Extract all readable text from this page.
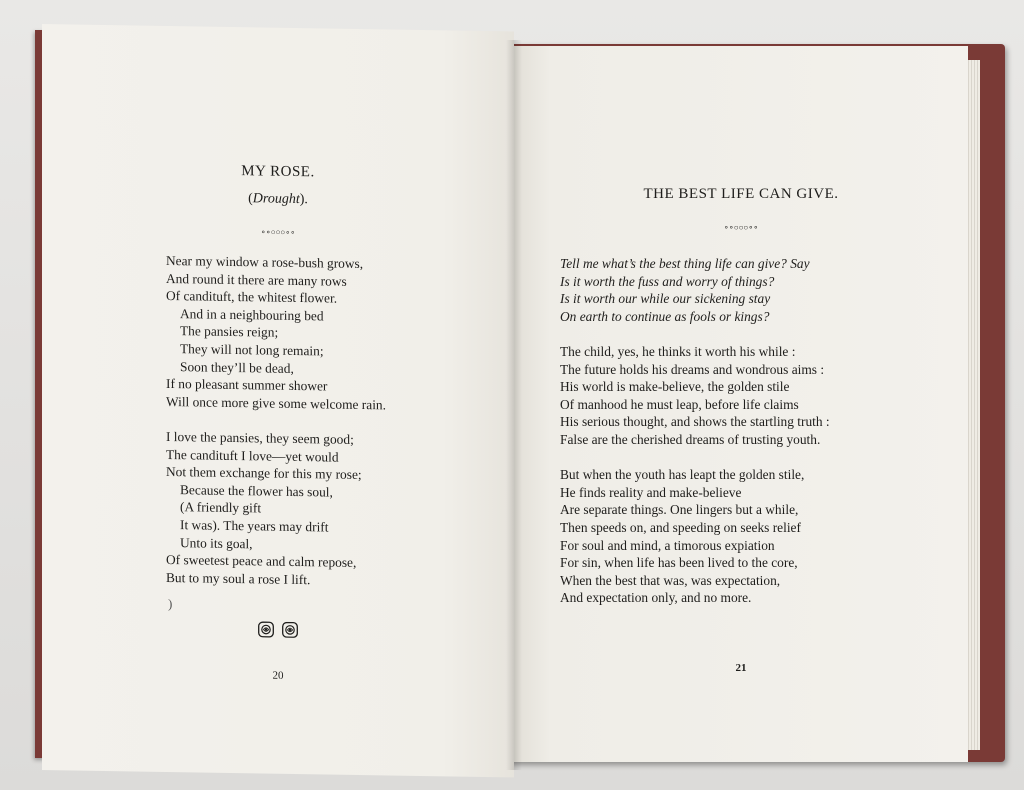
MY ROSE.
(Drought).
∘∘○○○∘∘
Near my window a rose-bush grows,
And round it there are many rows
Of candituft, the whitest flower.
And in a neighbouring bed
The pansies reign;
They will not long remain;
Soon they’ll be dead,
If no pleasant summer shower
Will once more give some welcome rain.
I love the pansies, they seem good;
The candituft I love—yet would
Not them exchange for this my rose;
Because the flower has soul,
(A friendly gift
It was). The years may drift
Unto its goal,
Of sweetest peace and calm repose,
But to my soul a rose I lift.
)
20
THE BEST LIFE CAN GIVE.
∘∘○○○∘∘
Tell me what’s the best thing life can give? Say
Is it worth the fuss and worry of things?
Is it worth our while our sickening stay
On earth to continue as fools or kings?
The child, yes, he thinks it worth his while :
The future holds his dreams and wondrous aims :
His world is make-believe, the golden stile
Of manhood he must leap, before life claims
His serious thought, and shows the startling truth :
False are the cherished dreams of trusting youth.
But when the youth has leapt the golden stile,
He finds reality and make-believe
Are separate things. One lingers but a while,
Then speeds on, and speeding on seeks relief
For soul and mind, a timorous expiation
For sin, when life has been lived to the core,
When the best that was, was expectation,
And expectation only, and no more.
21
